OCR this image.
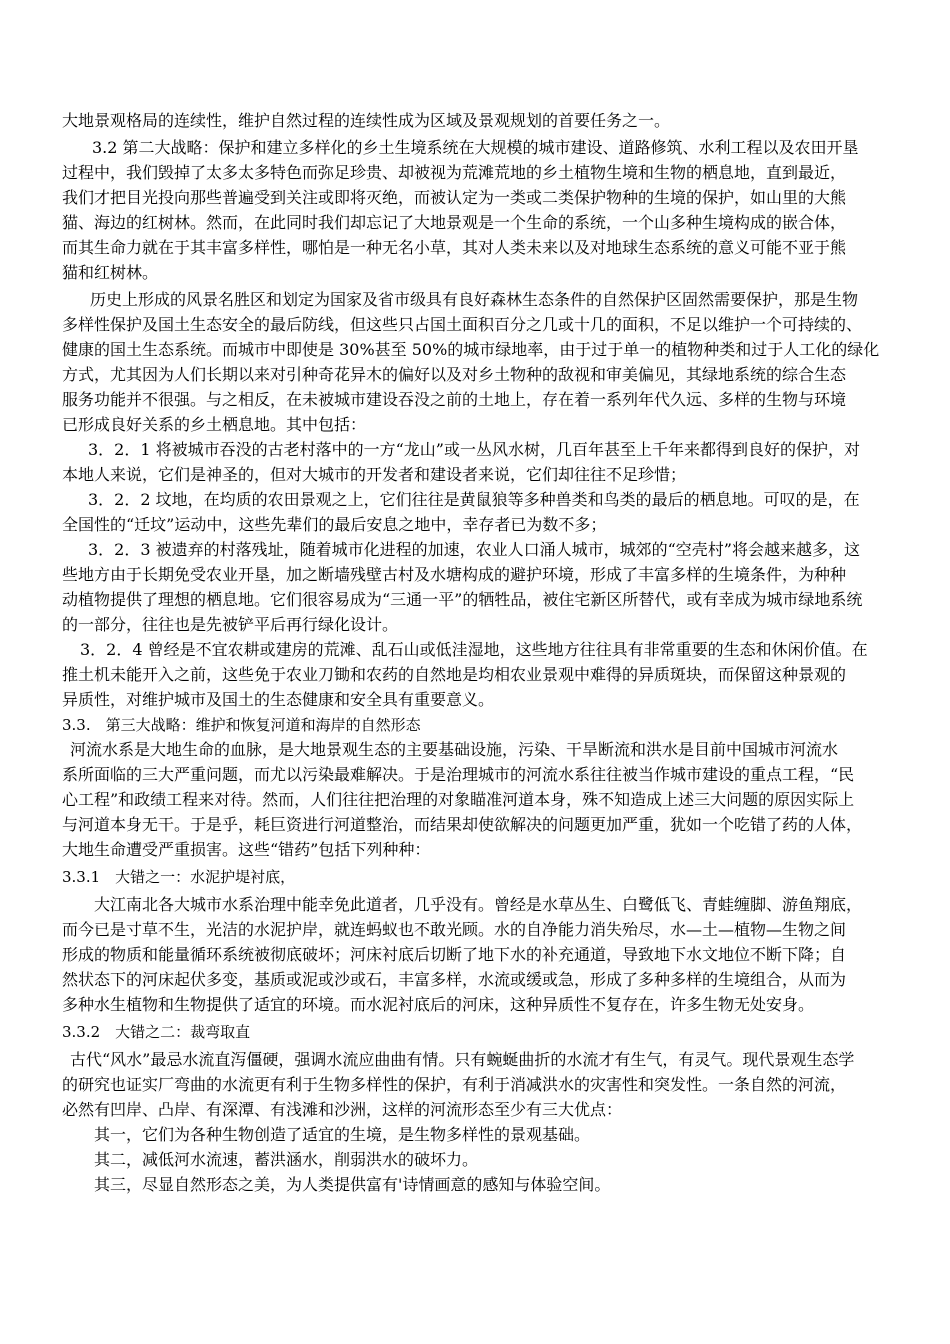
大地景观格局的连续性，维护自然过程的连续性成为区域及景观规划的首要任务之一。
3.2 第二大战略：保护和建立多样化的乡土生境系统在大规模的城市建设、道路修筑、水利工程以及农田开垦
过程中，我们毁掉了太多太多特色而弥足珍贵、却被视为荒滩荒地的乡土植物生境和生物的栖息地，直到最近，
我们才把目光投向那些普遍受到关注或即将灭绝，而被认定为一类或二类保护物种的生境的保护，如山里的大熊
猫、海边的红树林。然而，在此同时我们却忘记了大地景观是一个生命的系统，一个山多种生境构成的嵌合体，
而其生命力就在于其丰富多样性，哪怕是一种无名小草，其对人类未来以及对地球生态系统的意义可能不亚于熊
猫和红树林。
历史上形成的风景名胜区和划定为国家及省市级具有良好森林生态条件的自然保护区固然需要保护，那是生物
多样性保护及国土生态安全的最后防线，但这些只占国土面积百分之几或十几的面积，不足以维护一个可持续的、
健康的国土生态系统。而城市中即使是 30%甚至 50%的城市绿地率，由于过于单一的植物种类和过于人工化的绿化
方式，尤其因为人们长期以来对引种奇花异木的偏好以及对乡土物种的敌视和审美偏见，其绿地系统的综合生态
服务功能并不很强。与之相反，在未被城市建设吞没之前的土地上，存在着一系列年代久远、多样的生物与环境
已形成良好关系的乡土栖息地。其中包括：
3．2．1 将被城市吞没的古老村落中的一方“龙山”或一丛风水树，几百年甚至上千年来都得到良好的保护，对
本地人来说，它们是神圣的，但对大城市的开发者和建设者来说，它们却往往不足珍惜；
3．2．2 坟地，在均质的农田景观之上，它们往往是黄鼠狼等多种兽类和鸟类的最后的栖息地。可叹的是，在
全国性的“迁坟”运动中，这些先辈们的最后安息之地中，幸存者已为数不多；
3．2．3 被遗弃的村落残址，随着城市化进程的加速，农业人口涌人城市，城郊的“空壳村”将会越来越多，这
些地方由于长期免受农业开垦，加之断墙残壁古村及水塘构成的避护环境，形成了丰富多样的生境条件，为种种
动植物提供了理想的栖息地。它们很容易成为“三通一平”的牺牲品，被住宅新区所替代，或有幸成为城市绿地系统
的一部分，往往也是先被铲平后再行绿化设计。
3．2．4 曾经是不宜农耕或建房的荒滩、乱石山或低洼湿地，这些地方往往具有非常重要的生态和休闲价值。在
推土机未能开入之前，这些免于农业刀锄和农药的自然地是均相农业景观中难得的异质斑块，而保留这种景观的
异质性，对维护城市及国土的生态健康和安全具有重要意义。
3.3.　第三大战略：维护和恢复河道和海岸的自然形态
河流水系是大地生命的血脉，是大地景观生态的主要基础设施，污染、干旱断流和洪水是目前中国城市河流水
系所面临的三大严重问题，而尤以污染最难解决。于是治理城市的河流水系往往被当作城市建设的重点工程，“民
心工程”和政绩工程来对待。然而，人们往往把治理的对象瞄准河道本身，殊不知造成上述三大问题的原因实际上
与河道本身无干。于是乎，耗巨资进行河道整治，而结果却使欲解决的问题更加严重，犹如一个吃错了药的人体，
大地生命遭受严重损害。这些“错药”包括下列种种：
3.3.1　大错之一：水泥护堤衬底，
大江南北各大城市水系治理中能幸免此道者，几乎没有。曾经是水草丛生、白鹭低飞、青蛙缠脚、游鱼翔底，
而今已是寸草不生，光洁的水泥护岸，就连蚂蚁也不敢光顾。水的自净能力消失殆尽，水—土—植物—生物之间
形成的物质和能量循环系统被彻底破坏；河床衬底后切断了地下水的补充通道，导致地下水文地位不断下降；自
然状态下的河床起伏多变，基质或泥或沙或石，丰富多样，水流或缓或急，形成了多种多样的生境组合，从而为
多种水生植物和生物提供了适宜的环境。而水泥衬底后的河床，这种异质性不复存在，许多生物无处安身。
3.3.2　大错之二：裁弯取直
古代“风水”最忌水流直泻僵硬，强调水流应曲曲有情。只有蜿蜒曲折的水流才有生气，有灵气。现代景观生态学
的研究也证实厂弯曲的水流更有利于生物多样性的保护，有利于消减洪水的灾害性和突发性。一条自然的河流，
必然有凹岸、凸岸、有深潭、有浅滩和沙洲，这样的河流形态至少有三大优点：
其一，它们为各种生物创造了适宜的生境，是生物多样性的景观基础。
其二，减低河水流速，蓄洪涵水，削弱洪水的破坏力。
其三，尽显自然形态之美，为人类提供富有'诗情画意的感知与体验空间。
